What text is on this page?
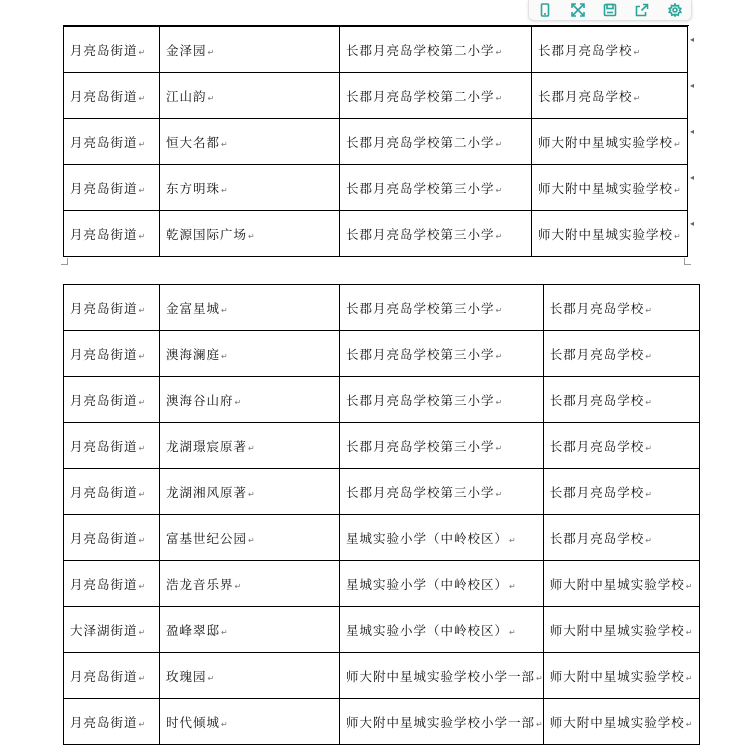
月亮岛街道↵	金泽园↵	长郡月亮岛学校第二小学↵	长郡月亮岛学校↵
月亮岛街道↵	江山韵↵	长郡月亮岛学校第二小学↵	长郡月亮岛学校↵
月亮岛街道↵	恒大名都↵	长郡月亮岛学校第二小学↵	师大附中星城实验学校↵
月亮岛街道↵	东方明珠↵	长郡月亮岛学校第三小学↵	师大附中星城实验学校↵
月亮岛街道↵	乾源国际广场↵	长郡月亮岛学校第三小学↵	师大附中星城实验学校↵
月亮岛街道↵	金富星城↵	长郡月亮岛学校第三小学↵	长郡月亮岛学校↵
月亮岛街道↵	澳海澜庭↵	长郡月亮岛学校第三小学↵	长郡月亮岛学校↵
月亮岛街道↵	澳海谷山府↵	长郡月亮岛学校第三小学↵	长郡月亮岛学校↵
月亮岛街道↵	龙湖璟宸原著↵	长郡月亮岛学校第三小学↵	长郡月亮岛学校↵
月亮岛街道↵	龙湖湘风原著↵	长郡月亮岛学校第三小学↵	长郡月亮岛学校↵
月亮岛街道↵	富基世纪公园↵	星城实验小学（中岭校区）↵	长郡月亮岛学校↵
月亮岛街道↵	浩龙音乐界↵	星城实验小学（中岭校区）↵	师大附中星城实验学校↵
大泽湖街道↵	盈峰翠邸↵	星城实验小学（中岭校区）↵	师大附中星城实验学校↵
月亮岛街道↵	玫瑰园↵	师大附中星城实验学校小学一部↵	师大附中星城实验学校↵
月亮岛街道↵	时代倾城↵	师大附中星城实验学校小学一部↵	师大附中星城实验学校↵
◂
◂
◂
◂
◂
